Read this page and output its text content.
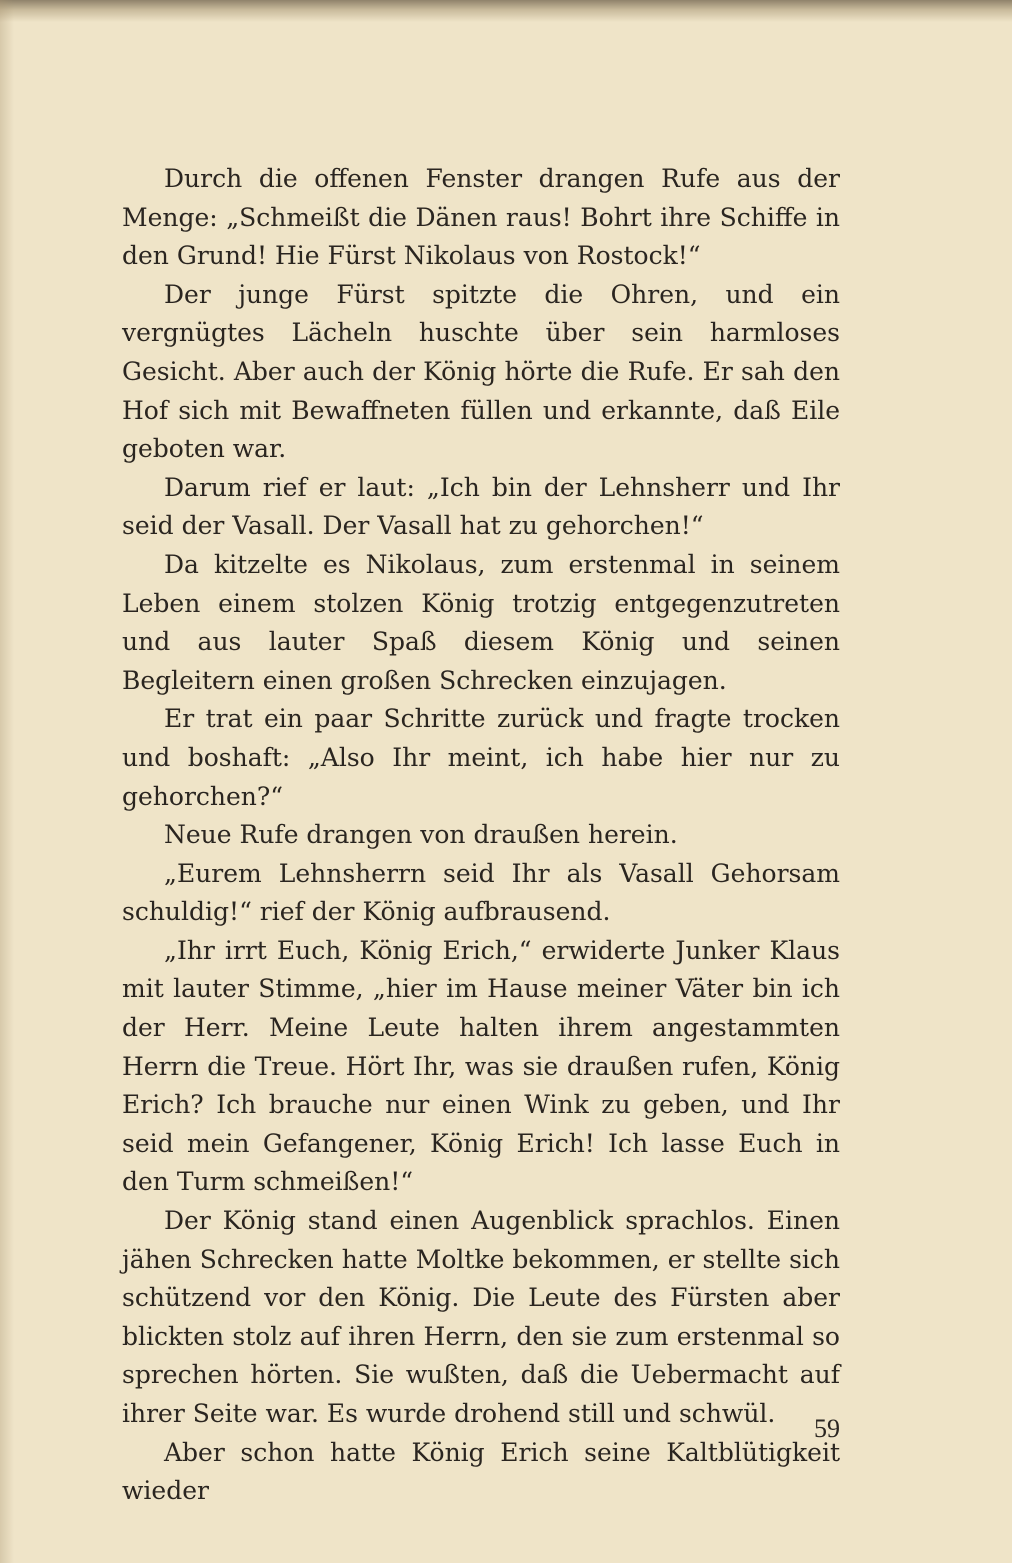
Durch die offenen Fenster drangen Rufe aus der Menge: „Schmeißt die Dänen raus! Bohrt ihre Schiffe in den Grund! Hie Fürst Nikolaus von Rostock!“

Der junge Fürst spitzte die Ohren, und ein vergnügtes Lächeln huschte über sein harmloses Gesicht. Aber auch der König hörte die Rufe. Er sah den Hof sich mit Bewaffneten füllen und erkannte, daß Eile geboten war.

Darum rief er laut: „Ich bin der Lehnsherr und Ihr seid der Vasall. Der Vasall hat zu gehorchen!“

Da kitzelte es Nikolaus, zum erstenmal in seinem Leben einem stolzen König trotzig entgegenzutreten und aus lauter Spaß diesem König und seinen Begleitern einen großen Schrecken einzujagen.

Er trat ein paar Schritte zurück und fragte trocken und boshaft: „Also Ihr meint, ich habe hier nur zu gehorchen?“

Neue Rufe drangen von draußen herein.

„Eurem Lehnsherrn seid Ihr als Vasall Gehorsam schuldig!“ rief der König aufbrausend.

„Ihr irrt Euch, König Erich,“ erwiderte Junker Klaus mit lauter Stimme, „hier im Hause meiner Väter bin ich der Herr. Meine Leute halten ihrem angestammten Herrn die Treue. Hört Ihr, was sie draußen rufen, König Erich? Ich brauche nur einen Wink zu geben, und Ihr seid mein Gefangener, König Erich! Ich lasse Euch in den Turm schmeißen!“

Der König stand einen Augenblick sprachlos. Einen jähen Schrecken hatte Moltke bekommen, er stellte sich schützend vor den König. Die Leute des Fürsten aber blickten stolz auf ihren Herrn, den sie zum erstenmal so sprechen hörten. Sie wußten, daß die Uebermacht auf ihrer Seite war. Es wurde drohend still und schwül.

Aber schon hatte König Erich seine Kaltblütigkeit wieder

59
